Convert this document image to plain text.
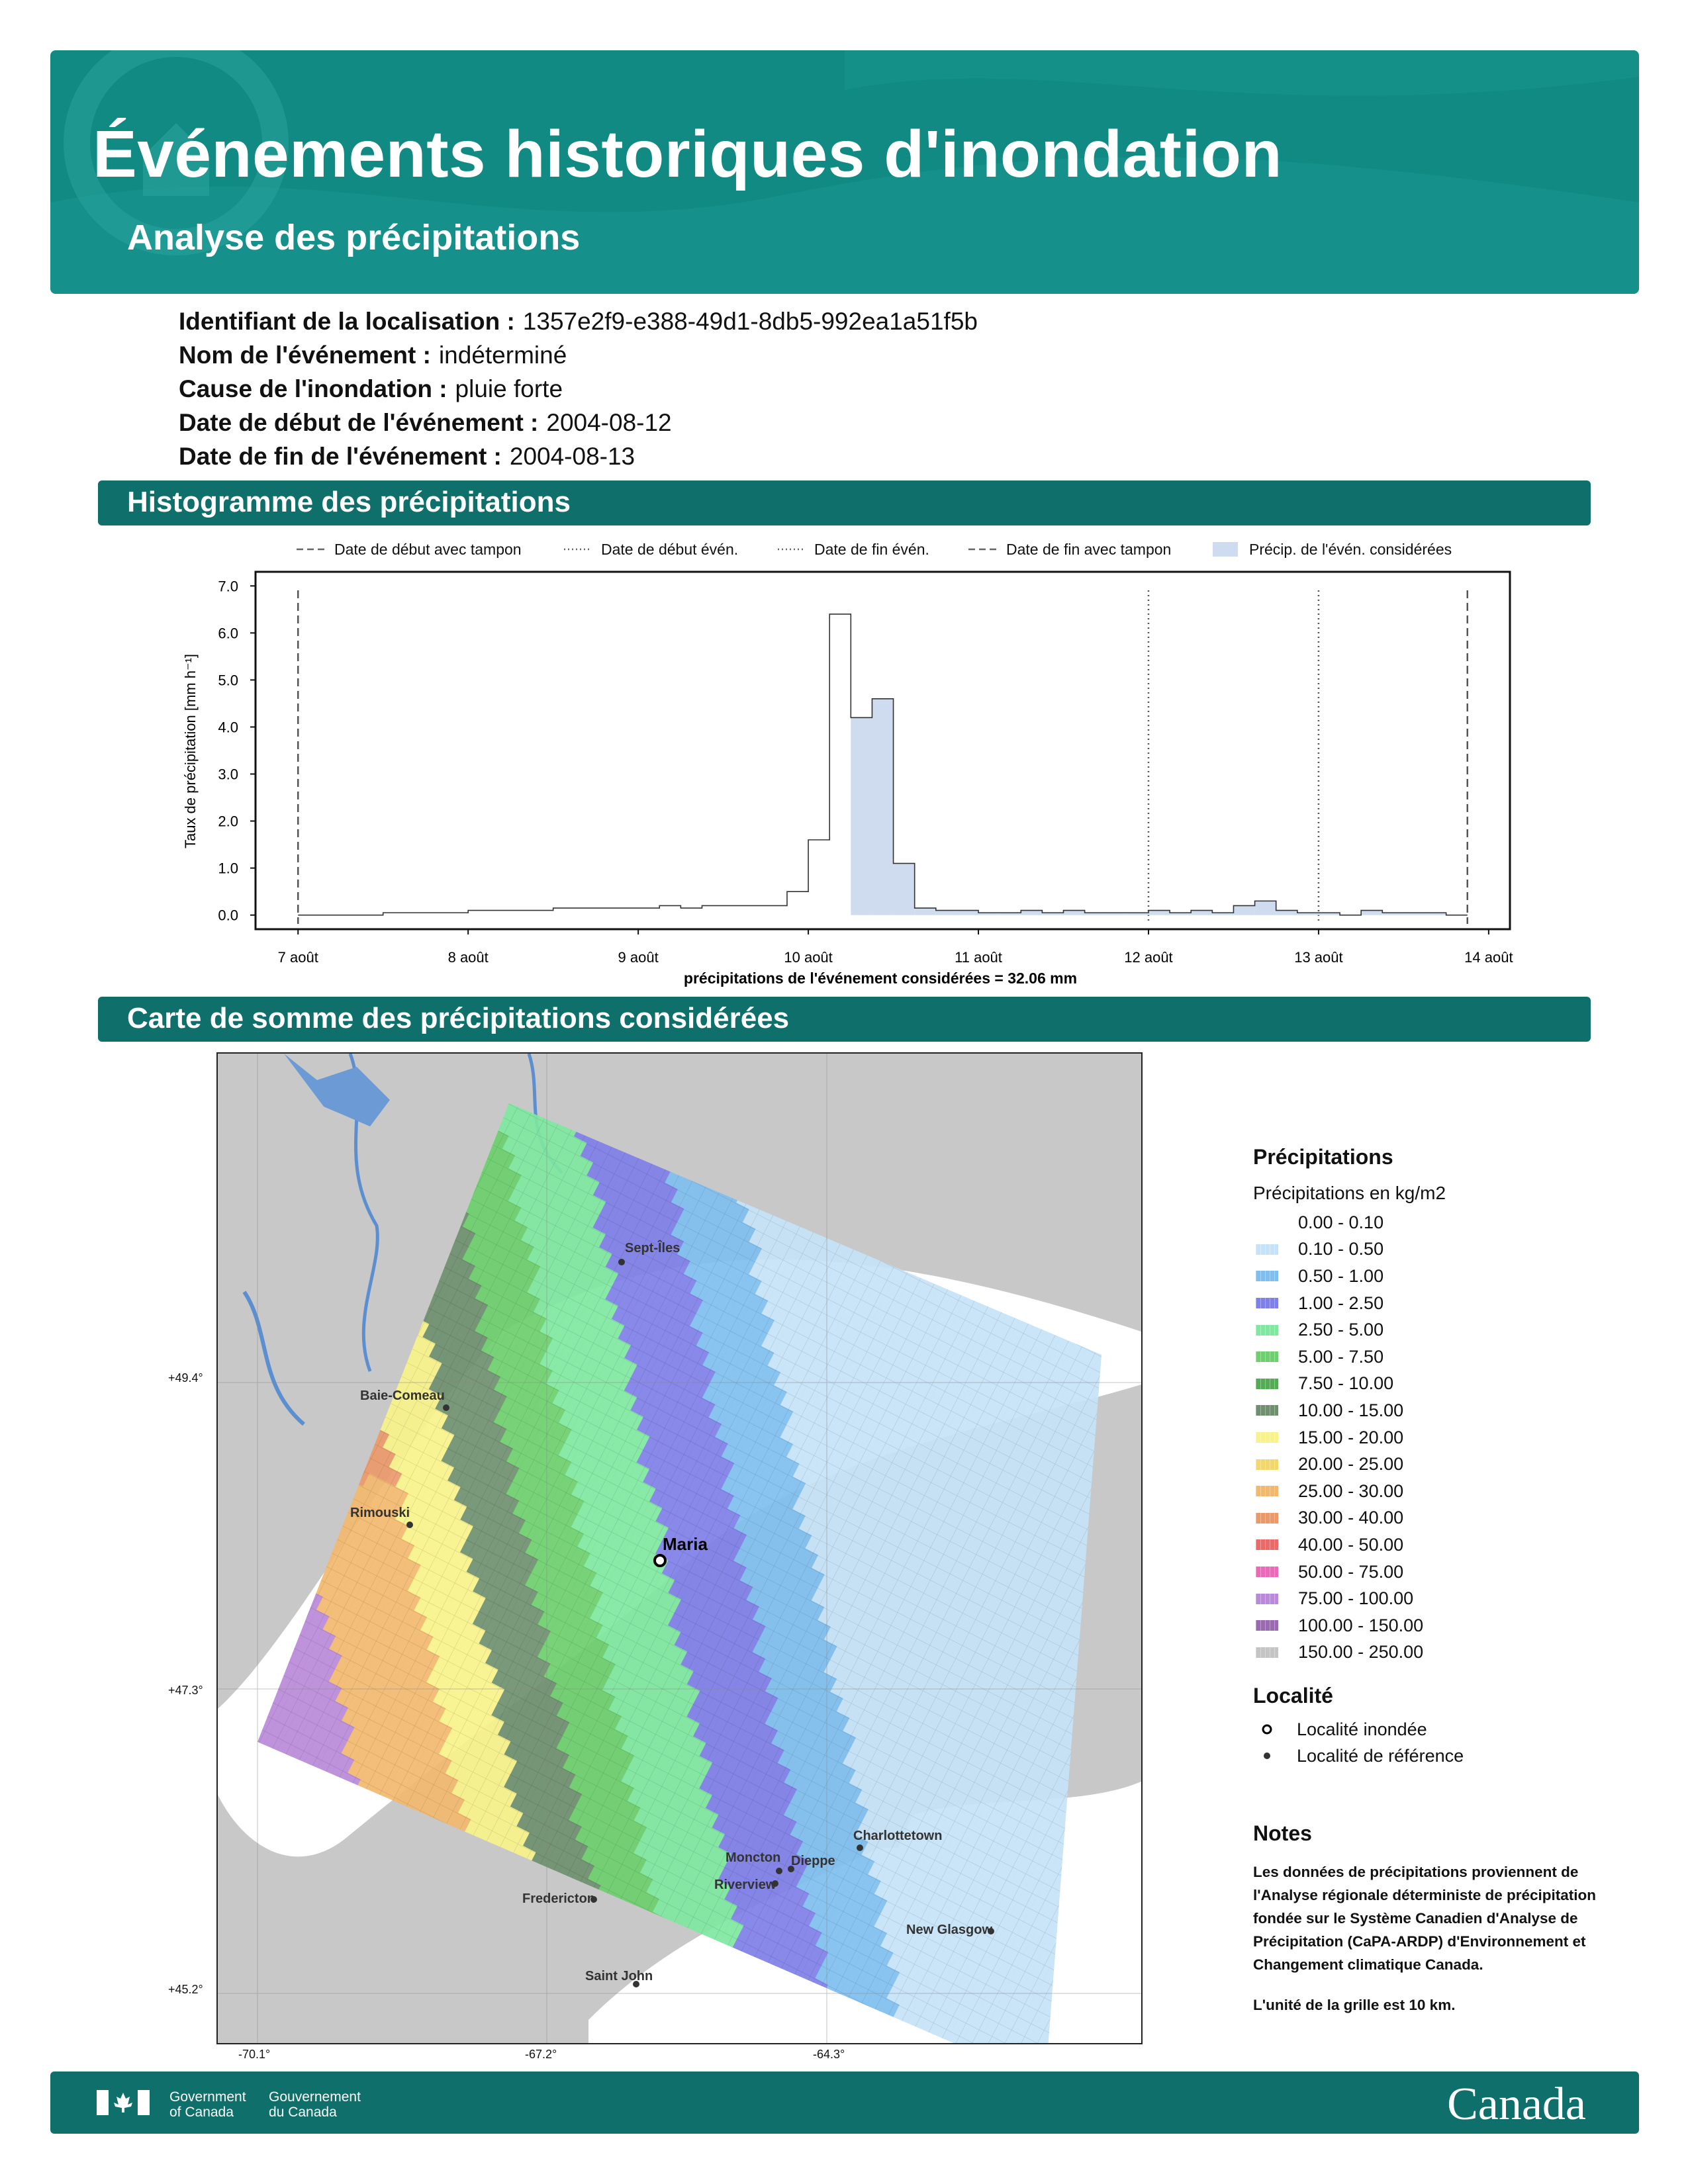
Événements historiques d'inondation
Analyse des précipitations
Identifiant de la localisation : 1357e2f9-e388-49d1-8db5-992ea1a51f5b
Nom de l'événement : indéterminé
Cause de l'inondation : pluie forte
Date de début de l'événement : 2004-08-12
Date de fin de l'événement : 2004-08-13
Histogramme des précipitations
Date de début avec tampon	Date de début évén.	Date de fin évén.	Date de fin avec tampon	Précip. de l'évén. considérées
0.0
1.0
2.0
3.0
4.0
5.0
6.0
7.0
7 août	8 août	9 août	10 août	11 août	12 août	13 août	14 août
Taux de précipitation [mm h⁻¹]
précipitations de l'événement considérées = 32.06 mm
Carte de somme des précipitations considérées
Sept-Îles
Baie-Comeau
Rimouski
Maria
Moncton Dieppe
Riverview
Charlottetown
Fredericton
New Glasgow
Saint John
+49.4°
+47.3°
+45.2°
-70.1°	-67.2°	-64.3°
Précipitations
Précipitations en kg/m2
0.00 - 0.10
0.10 - 0.50
0.50 - 1.00
1.00 - 2.50
2.50 - 5.00
5.00 - 7.50
7.50 - 10.00
10.00 - 15.00
15.00 - 20.00
20.00 - 25.00
25.00 - 30.00
30.00 - 40.00
40.00 - 50.00
50.00 - 75.00
75.00 - 100.00
100.00 - 150.00
150.00 - 250.00
Localité
Localité inondée
Localité de référence
Notes

Les données de précipitations proviennent de l'Analyse régionale déterministe de précipitation fondée sur le Système Canadien d'Analyse de Précipitation (CaPA-ARDP) d'Environnement et Changement climatique Canada.

L'unité de la grille est 10 km.

Government
of Canada
Gouvernement
du Canada	Canada
